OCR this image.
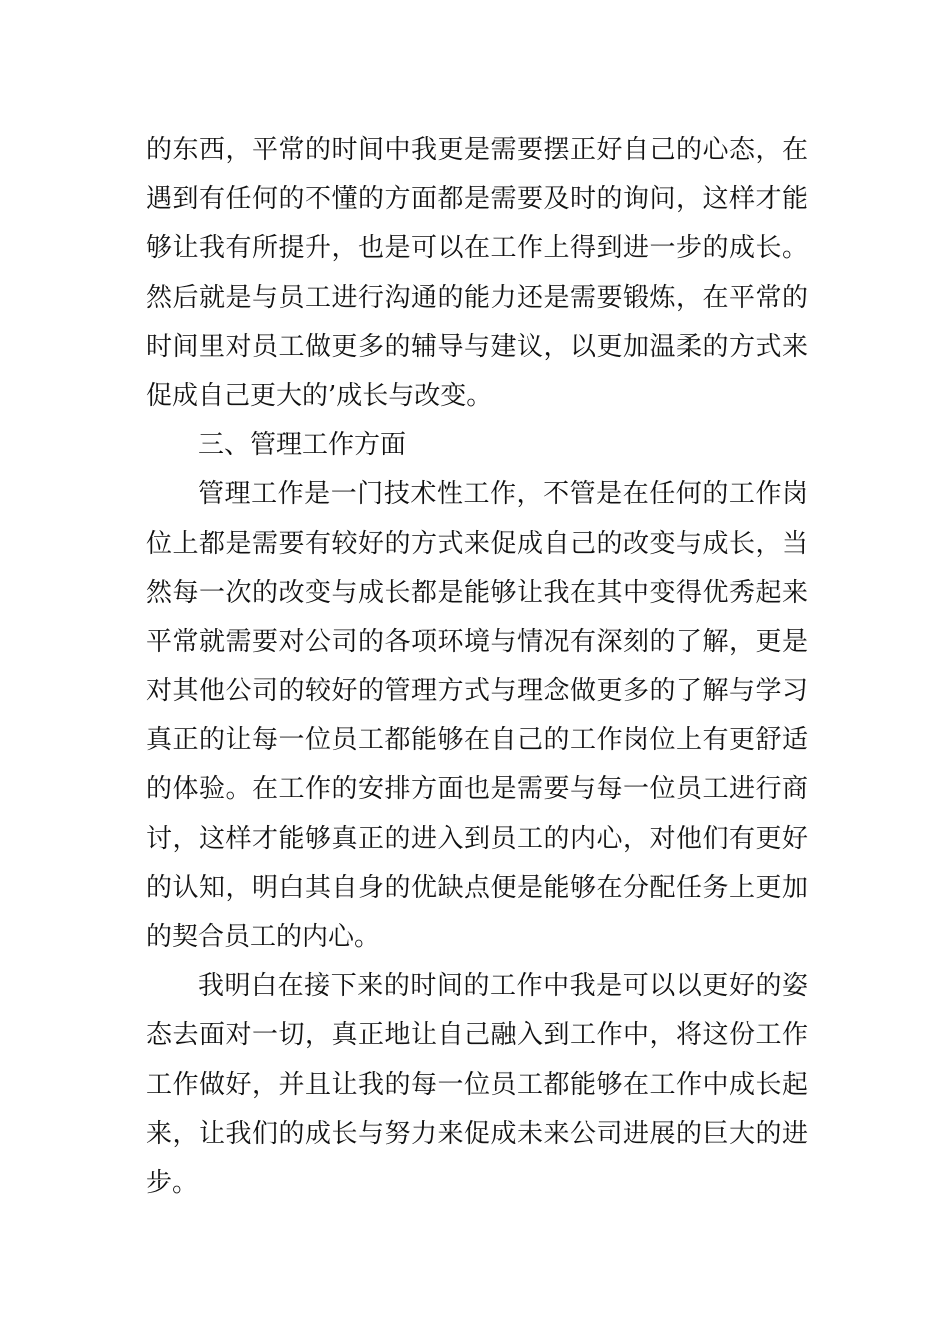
的东西，平常的时间中我更是需要摆正好自己的心态，在
遇到有任何的不懂的方面都是需要及时的询问，这样才能
够让我有所提升，也是可以在工作上得到进一步的成长。
然后就是与员工进行沟通的能力还是需要锻炼，在平常的
时间里对员工做更多的辅导与建议，以更加温柔的方式来
促成自己更大的’成长与改变。
三、管理工作方面
管理工作是一门技术性工作，不管是在任何的工作岗
位上都是需要有较好的方式来促成自己的改变与成长，当
然每一次的改变与成长都是能够让我在其中变得优秀起来
平常就需要对公司的各项环境与情况有深刻的了解，更是
对其他公司的较好的管理方式与理念做更多的了解与学习
真正的让每一位员工都能够在自己的工作岗位上有更舒适
的体验。在工作的安排方面也是需要与每一位员工进行商
讨，这样才能够真正的进入到员工的内心，对他们有更好
的认知，明白其自身的优缺点便是能够在分配任务上更加
的契合员工的内心。
我明白在接下来的时间的工作中我是可以以更好的姿
态去面对一切，真正地让自己融入到工作中，将这份工作
工作做好，并且让我的每一位员工都能够在工作中成长起
来，让我们的成长与努力来促成未来公司进展的巨大的进
步。
